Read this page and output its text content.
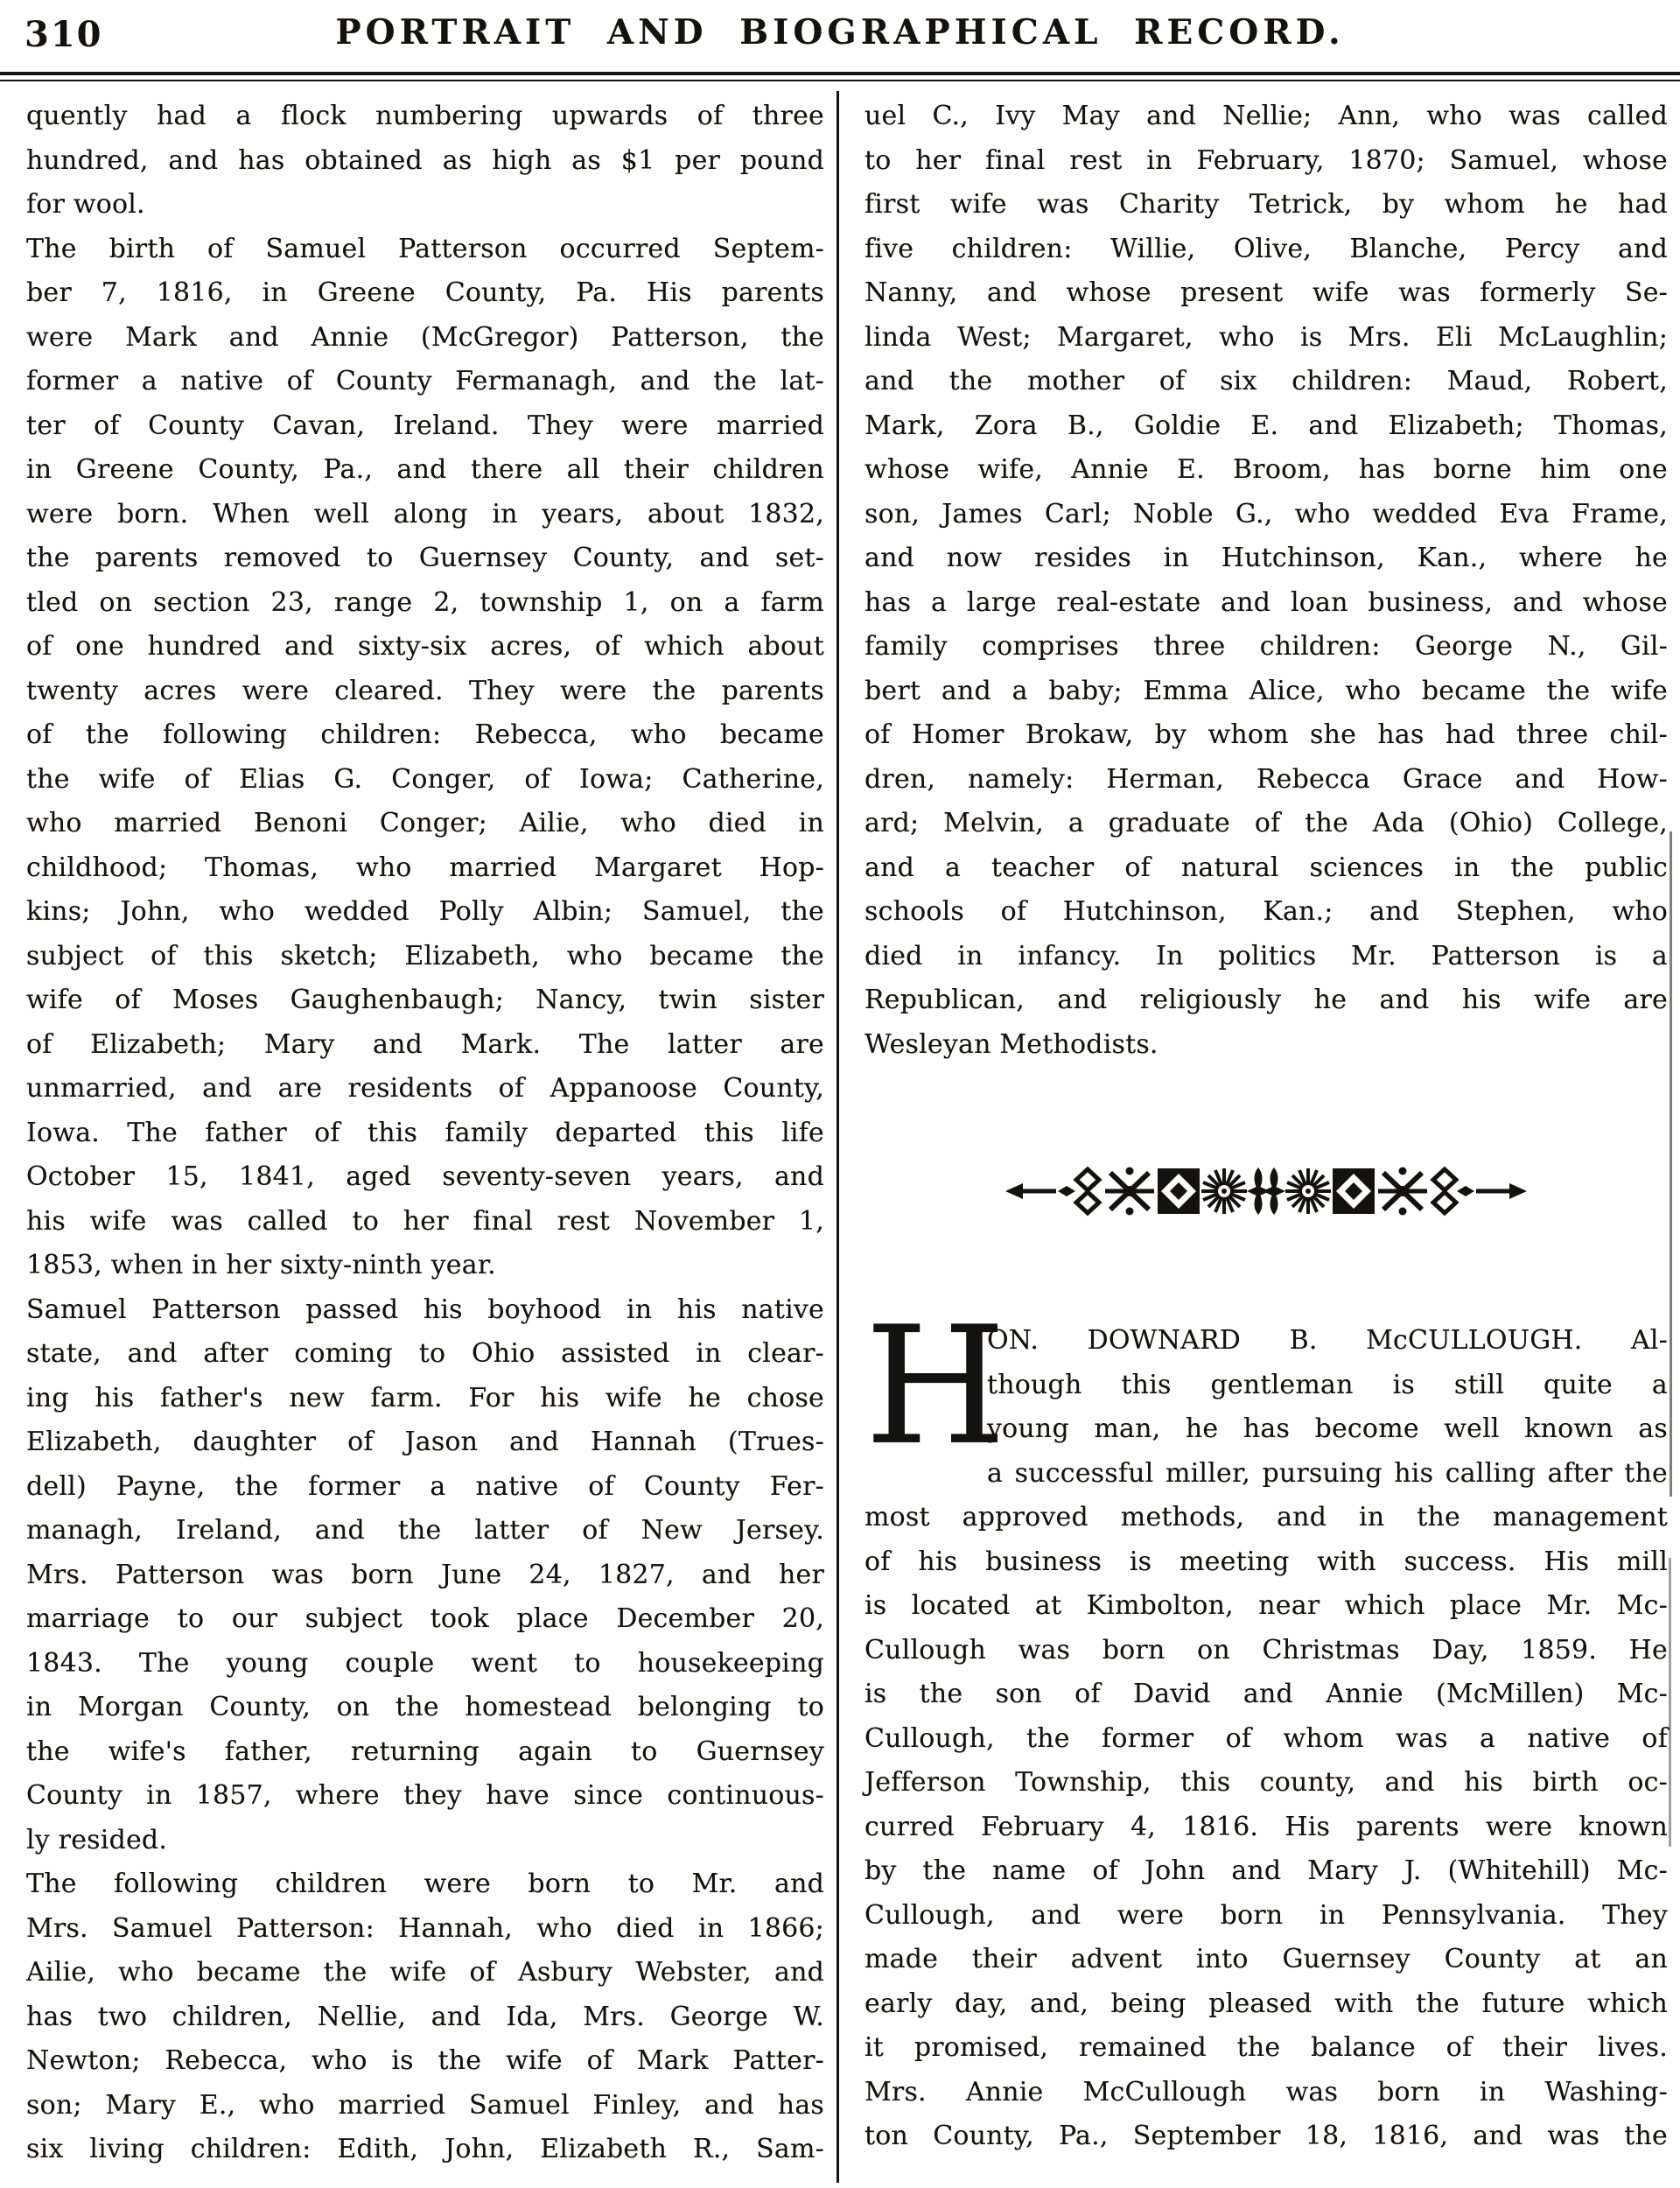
310	PORTRAIT AND BIOGRAPHICAL RECORD.
quently had a flock numbering upwards of three
hundred, and has obtained as high as $1 per pound
for wool.
The birth of Samuel Patterson occurred Septem-
ber 7, 1816, in Greene County, Pa. His parents
were Mark and Annie (McGregor) Patterson, the
former a native of County Fermanagh, and the lat-
ter of County Cavan, Ireland. They were married
in Greene County, Pa., and there all their children
were born. When well along in years, about 1832,
the parents removed to Guernsey County, and set-
tled on section 23, range 2, township 1, on a farm
of one hundred and sixty-six acres, of which about
twenty acres were cleared. They were the parents
of the following children: Rebecca, who became
the wife of Elias G. Conger, of Iowa; Catherine,
who married Benoni Conger; Ailie, who died in
childhood; Thomas, who married Margaret Hop-
kins; John, who wedded Polly Albin; Samuel, the
subject of this sketch; Elizabeth, who became the
wife of Moses Gaughenbaugh; Nancy, twin sister
of Elizabeth; Mary and Mark. The latter are
unmarried, and are residents of Appanoose County,
Iowa. The father of this family departed this life
October 15, 1841, aged seventy-seven years, and
his wife was called to her final rest November 1,
1853, when in her sixty-ninth year.
Samuel Patterson passed his boyhood in his native
state, and after coming to Ohio assisted in clear-
ing his father's new farm. For his wife he chose
Elizabeth, daughter of Jason and Hannah (Trues-
dell) Payne, the former a native of County Fer-
managh, Ireland, and the latter of New Jersey.
Mrs. Patterson was born June 24, 1827, and her
marriage to our subject took place December 20,
1843. The young couple went to housekeeping
in Morgan County, on the homestead belonging to
the wife's father, returning again to Guernsey
County in 1857, where they have since continuous-
ly resided.
The following children were born to Mr. and
Mrs. Samuel Patterson: Hannah, who died in 1866;
Ailie, who became the wife of Asbury Webster, and
has two children, Nellie, and Ida, Mrs. George W.
Newton; Rebecca, who is the wife of Mark Patter-
son; Mary E., who married Samuel Finley, and has
six living children: Edith, John, Elizabeth R., Sam-
uel C., Ivy May and Nellie; Ann, who was called
to her final rest in February, 1870; Samuel, whose
first wife was Charity Tetrick, by whom he had
five children: Willie, Olive, Blanche, Percy and
Nanny, and whose present wife was formerly Se-
linda West; Margaret, who is Mrs. Eli McLaughlin;
and the mother of six children: Maud, Robert,
Mark, Zora B., Goldie E. and Elizabeth; Thomas,
whose wife, Annie E. Broom, has borne him one
son, James Carl; Noble G., who wedded Eva Frame,
and now resides in Hutchinson, Kan., where he
has a large real-estate and loan business, and whose
family comprises three children: George N., Gil-
bert and a baby; Emma Alice, who became the wife
of Homer Brokaw, by whom she has had three chil-
dren, namely: Herman, Rebecca Grace and How-
ard; Melvin, a graduate of the Ada (Ohio) College,
and a teacher of natural sciences in the public
schools of Hutchinson, Kan.; and Stephen, who
died in infancy. In politics Mr. Patterson is a
Republican, and religiously he and his wife are
Wesleyan Methodists.
H
ON. DOWNARD B. McCULLOUGH. Al-
though this gentleman is still quite a
young man, he has become well known as
a successful miller, pursuing his calling after the
most approved methods, and in the management
of his business is meeting with success. His mill
is located at Kimbolton, near which place Mr. Mc-
Cullough was born on Christmas Day, 1859. He
is the son of David and Annie (McMillen) Mc-
Cullough, the former of whom was a native of
Jefferson Township, this county, and his birth oc-
curred February 4, 1816. His parents were known
by the name of John and Mary J. (Whitehill) Mc-
Cullough, and were born in Pennsylvania. They
made their advent into Guernsey County at an
early day, and, being pleased with the future which
it promised, remained the balance of their lives.
Mrs. Annie McCullough was born in Washing-
ton County, Pa., September 18, 1816, and was the
